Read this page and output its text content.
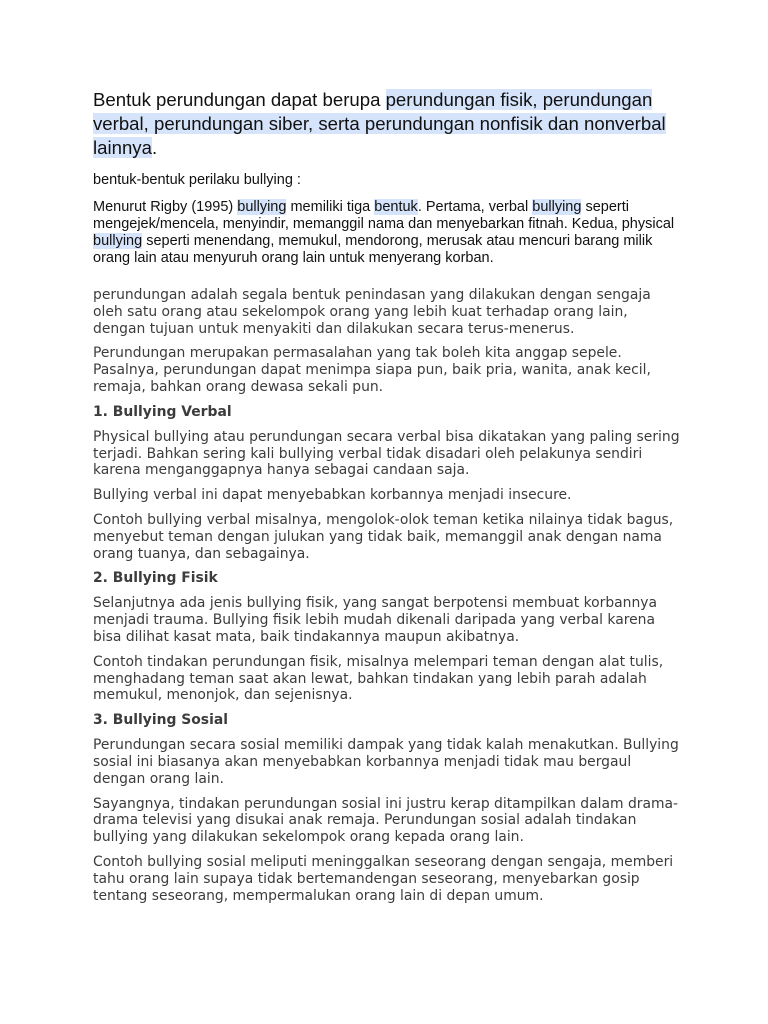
Bentuk perundungan dapat berupa perundungan fisik, perundungan verbal, perundungan siber, serta perundungan nonfisik dan nonverbal lainnya.

bentuk-bentuk perilaku bullying :

Menurut Rigby (1995) bullying memiliki tiga bentuk. Pertama, verbal bullying seperti mengejek/mencela, menyindir, memanggil nama dan menyebarkan fitnah. Kedua, physical bullying seperti menendang, memukul, mendorong, merusak atau mencuri barang milik orang lain atau menyuruh orang lain untuk menyerang korban.

perundungan adalah segala bentuk penindasan yang dilakukan dengan sengaja oleh satu orang atau sekelompok orang yang lebih kuat terhadap orang lain, dengan tujuan untuk menyakiti dan dilakukan secara terus-menerus.

Perundungan merupakan permasalahan yang tak boleh kita anggap sepele. Pasalnya, perundungan dapat menimpa siapa pun, baik pria, wanita, anak kecil, remaja, bahkan orang dewasa sekali pun.

1. Bullying Verbal

Physical bullying atau perundungan secara verbal bisa dikatakan yang paling sering terjadi. Bahkan sering kali bullying verbal tidak disadari oleh pelakunya sendiri karena menganggapnya hanya sebagai candaan saja.

Bullying verbal ini dapat menyebabkan korbannya menjadi insecure.

Contoh bullying verbal misalnya, mengolok-olok teman ketika nilainya tidak bagus, menyebut teman dengan julukan yang tidak baik, memanggil anak dengan nama orang tuanya, dan sebagainya.

2. Bullying Fisik

Selanjutnya ada jenis bullying fisik, yang sangat berpotensi membuat korbannya menjadi trauma. Bullying fisik lebih mudah dikenali daripada yang verbal karena bisa dilihat kasat mata, baik tindakannya maupun akibatnya.

Contoh tindakan perundungan fisik, misalnya melempari teman dengan alat tulis, menghadang teman saat akan lewat, bahkan tindakan yang lebih parah adalah memukul, menonjok, dan sejenisnya.

3. Bullying Sosial

Perundungan secara sosial memiliki dampak yang tidak kalah menakutkan. Bullying sosial ini biasanya akan menyebabkan korbannya menjadi tidak mau bergaul dengan orang lain.

Sayangnya, tindakan perundungan sosial ini justru kerap ditampilkan dalam drama-drama televisi yang disukai anak remaja. Perundungan sosial adalah tindakan bullying yang dilakukan sekelompok orang kepada orang lain.

Contoh bullying sosial meliputi meninggalkan seseorang dengan sengaja, memberi tahu orang lain supaya tidak bertemandengan seseorang, menyebarkan gosip tentang seseorang, mempermalukan orang lain di depan umum.
